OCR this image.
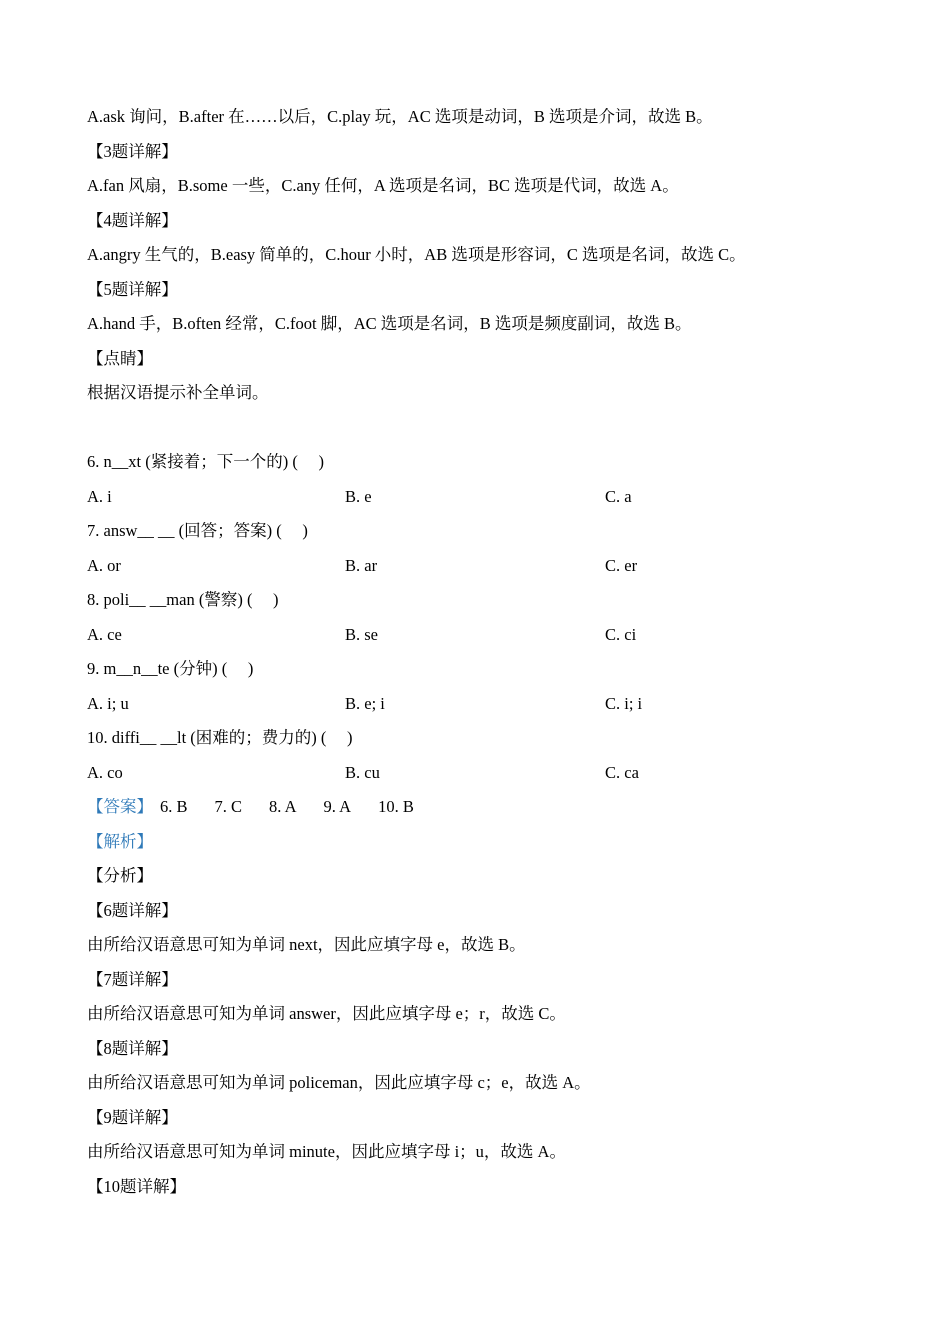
A.ask 询问，B.after 在……以后，C.play 玩，AC 选项是动词，B 选项是介词，故选 B。
【3题详解】
A.fan 风扇，B.some 一些，C.any 任何，A 选项是名词，BC 选项是代词，故选 A。
【4题详解】
A.angry 生气的，B.easy 简单的，C.hour 小时，AB 选项是形容词，C 选项是名词，故选 C。
【5题详解】
A.hand 手，B.often 经常，C.foot 脚，AC 选项是名词，B 选项是频度副词，故选 B。
【点睛】
根据汉语提示补全单词。
6. n__xt (紧接着；下一个的) (　 )
A. i	B. e	C. a
7. answ__ __ (回答；答案) (　 )
A. or	B. ar	C. er
8. poli__ __man (警察) (　 )
A. ce	B. se	C. ci
9. m__n__te (分钟) (　 )
A. i; u	B. e; i	C. i; i
10. diffi__ __lt (困难的；费力的) (　 )
A. co	B. cu	C. ca
【答案】 6. B 7. C 8. A 9. A 10. B
【解析】
【分析】
【6题详解】
由所给汉语意思可知为单词 next，因此应填字母 e，故选 B。
【7题详解】
由所给汉语意思可知为单词 answer，因此应填字母 e；r，故选 C。
【8题详解】
由所给汉语意思可知为单词 policeman，因此应填字母 c；e，故选 A。
【9题详解】
由所给汉语意思可知为单词 minute，因此应填字母 i；u，故选 A。
【10题详解】
